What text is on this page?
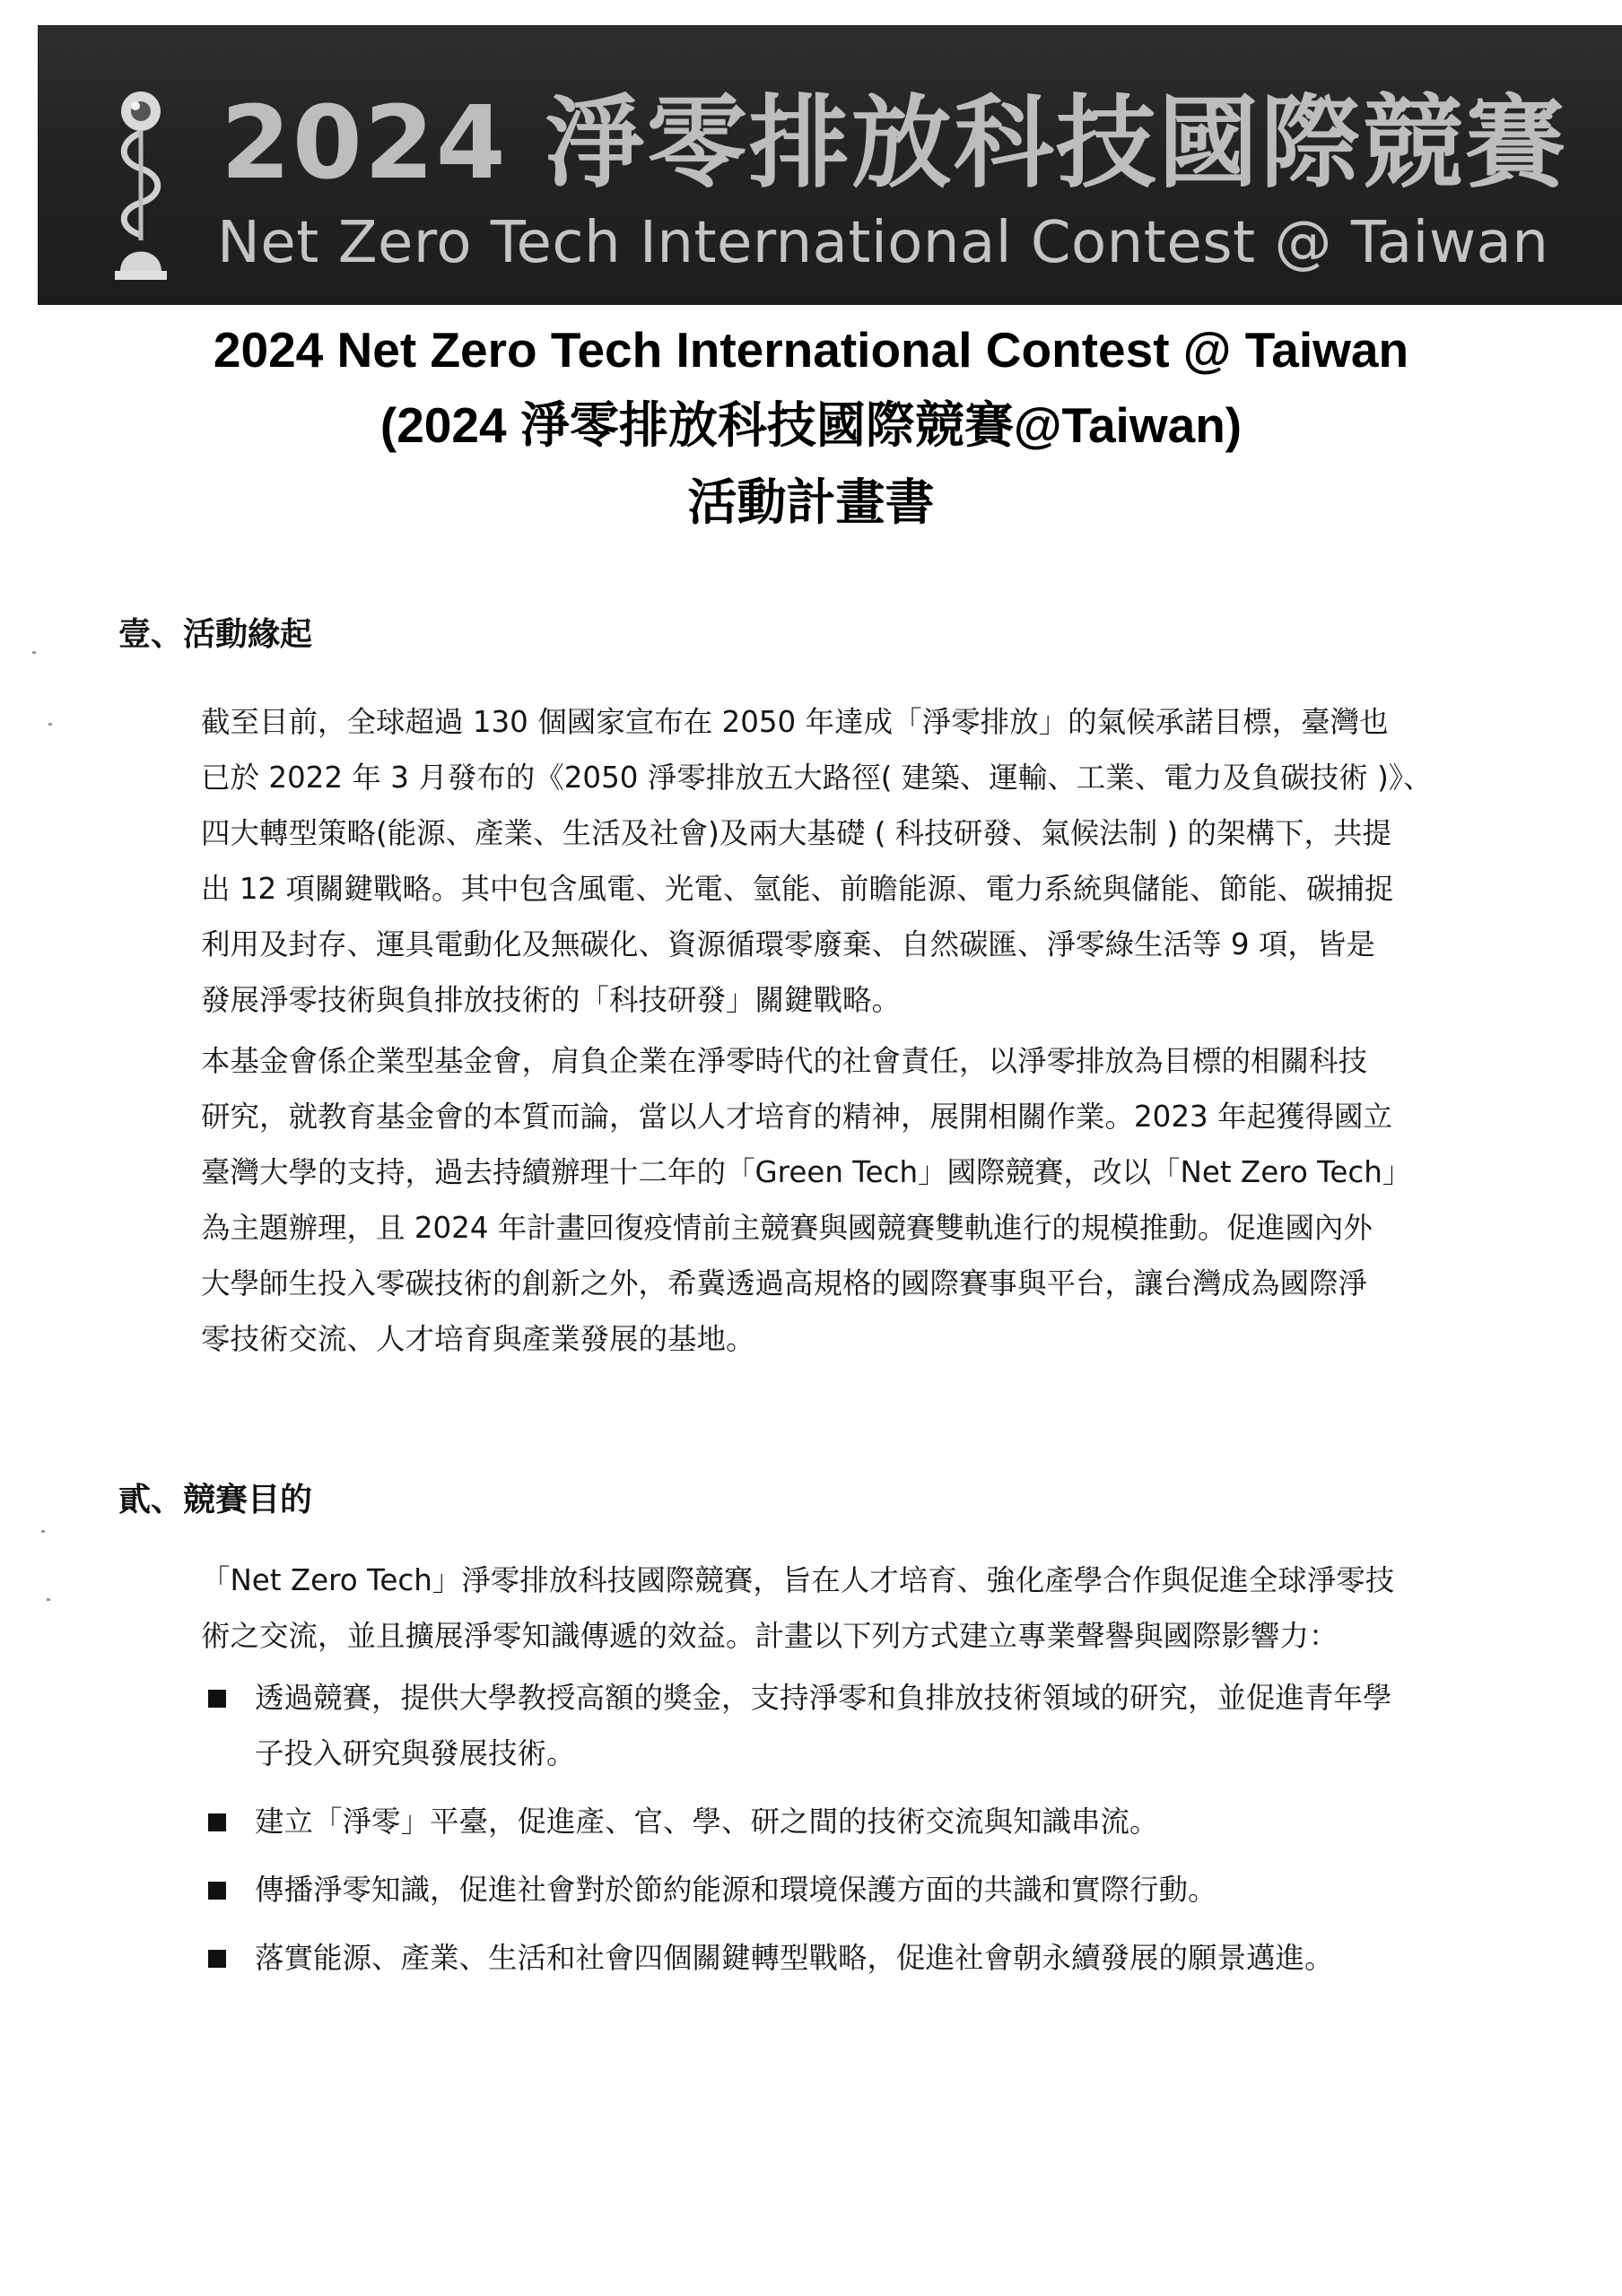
2024 淨零排放科技國際競賽
Net Zero Tech International Contest @ Taiwan
2024 Net Zero Tech International Contest @ Taiwan
(2024 淨零排放科技國際競賽@Taiwan)
活動計畫書
壹、活動緣起
截至目前，全球超過 130 個國家宣布在 2050 年達成「淨零排放」的氣候承諾目標，臺灣也
已於 2022 年 3 月發布的《2050 淨零排放五大路徑( 建築、運輸、工業、電力及負碳技術 )》、
四大轉型策略(能源、產業、生活及社會)及兩大基礎 ( 科技研發、氣候法制 ) 的架構下，共提
出 12 項關鍵戰略。其中包含風電、光電、氫能、前瞻能源、電力系統與儲能、節能、碳捕捉
利用及封存、運具電動化及無碳化、資源循環零廢棄、自然碳匯、淨零綠生活等 9 項，皆是
發展淨零技術與負排放技術的「科技研發」關鍵戰略。
本基金會係企業型基金會，肩負企業在淨零時代的社會責任，以淨零排放為目標的相關科技
研究，就教育基金會的本質而論，當以人才培育的精神，展開相關作業。2023 年起獲得國立
臺灣大學的支持，過去持續辦理十二年的「Green Tech」國際競賽，改以「Net Zero Tech」
為主題辦理，且 2024 年計畫回復疫情前主競賽與國競賽雙軌進行的規模推動。促進國內外
大學師生投入零碳技術的創新之外，希冀透過高規格的國際賽事與平台，讓台灣成為國際淨
零技術交流、人才培育與產業發展的基地。
貳、競賽目的
「Net Zero Tech」淨零排放科技國際競賽，旨在人才培育、強化產學合作與促進全球淨零技
術之交流，並且擴展淨零知識傳遞的效益。計畫以下列方式建立專業聲譽與國際影響力：
透過競賽，提供大學教授高額的獎金，支持淨零和負排放技術領域的研究，並促進青年學
子投入研究與發展技術。
建立「淨零」平臺，促進產、官、學、研之間的技術交流與知識串流。
傳播淨零知識，促進社會對於節約能源和環境保護方面的共識和實際行動。
落實能源、產業、生活和社會四個關鍵轉型戰略，促進社會朝永續發展的願景邁進。
